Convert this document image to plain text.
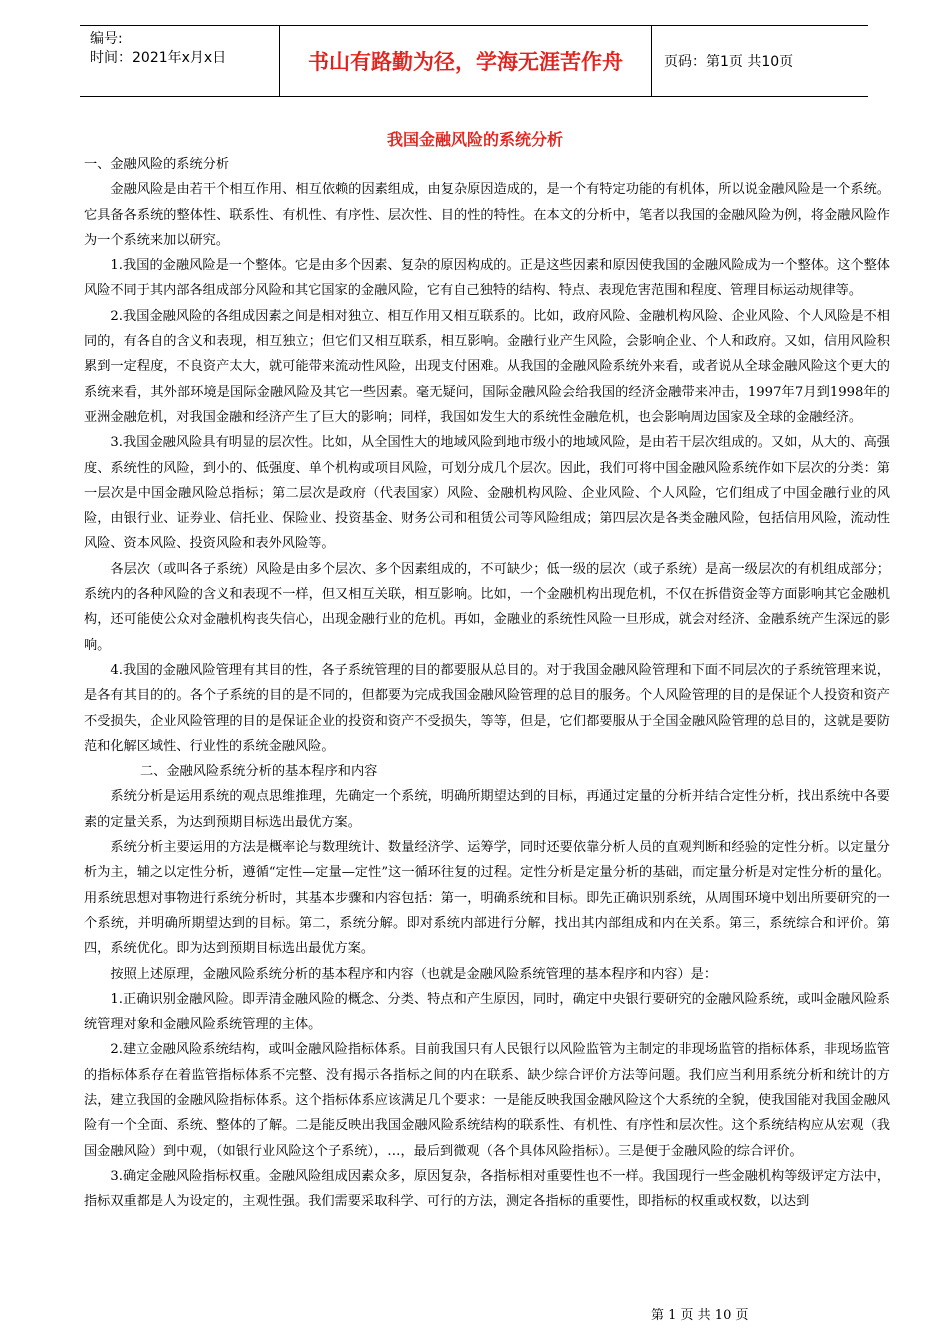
编号:
时间：2021年x月x日	书山有路勤为径，学海无涯苦作舟	页码：第1页 共10页
我国金融风险的系统分析

一、金融风险的系统分析

金融风险是由若干个相互作用、相互依赖的因素组成，由复杂原因造成的，是一个有特定功能的有机体，所以说金融风险是一个系统。它具备各系统的整体性、联系性、有机性、有序性、层次性、目的性的特性。在本文的分析中，笔者以我国的金融风险为例，将金融风险作为一个系统来加以研究。

1.我国的金融风险是一个整体。它是由多个因素、复杂的原因构成的。正是这些因素和原因使我国的金融风险成为一个整体。这个整体风险不同于其内部各组成部分风险和其它国家的金融风险，它有自己独特的结构、特点、表现危害范围和程度、管理目标运动规律等。

2.我国金融风险的各组成因素之间是相对独立、相互作用又相互联系的。比如，政府风险、金融机构风险、企业风险、个人风险是不相同的，有各自的含义和表现，相互独立；但它们又相互联系，相互影响。金融行业产生风险，会影响企业、个人和政府。又如，信用风险积累到一定程度，不良资产太大，就可能带来流动性风险，出现支付困难。从我国的金融风险系统外来看，或者说从全球金融风险这个更大的系统来看，其外部环境是国际金融风险及其它一些因素。毫无疑问，国际金融风险会给我国的经济金融带来冲击，1997年7月到1998年的亚洲金融危机，对我国金融和经济产生了巨大的影响；同样，我国如发生大的系统性金融危机，也会影响周边国家及全球的金融经济。

3.我国金融风险具有明显的层次性。比如，从全国性大的地域风险到地市级小的地域风险，是由若干层次组成的。又如，从大的、高强度、系统性的风险，到小的、低强度、单个机构或项目风险，可划分成几个层次。因此，我们可将中国金融风险系统作如下层次的分类：第一层次是中国金融风险总指标；第二层次是政府（代表国家）风险、金融机构风险、企业风险、个人风险，它们组成了中国金融行业的风险，由银行业、证券业、信托业、保险业、投资基金、财务公司和租赁公司等风险组成；第四层次是各类金融风险，包括信用风险，流动性风险、资本风险、投资风险和表外风险等。

各层次（或叫各子系统）风险是由多个层次、多个因素组成的，不可缺少；低一级的层次（或子系统）是高一级层次的有机组成部分；系统内的各种风险的含义和表现不一样，但又相互关联，相互影响。比如，一个金融机构出现危机，不仅在拆借资金等方面影响其它金融机构，还可能使公众对金融机构丧失信心，出现金融行业的危机。再如，金融业的系统性风险一旦形成，就会对经济、金融系统产生深远的影响。

4.我国的金融风险管理有其目的性，各子系统管理的目的都要服从总目的。对于我国金融风险管理和下面不同层次的子系统管理来说，是各有其目的的。各个子系统的目的是不同的，但都要为完成我国金融风险管理的总目的服务。个人风险管理的目的是保证个人投资和资产不受损失，企业风险管理的目的是保证企业的投资和资产不受损失，等等，但是，它们都要服从于全国金融风险管理的总目的，这就是要防范和化解区域性、行业性的系统金融风险。

二、金融风险系统分析的基本程序和内容

系统分析是运用系统的观点思维推理，先确定一个系统，明确所期望达到的目标，再通过定量的分析并结合定性分析，找出系统中各要素的定量关系，为达到预期目标选出最优方案。

系统分析主要运用的方法是概率论与数理统计、数量经济学、运筹学，同时还要依靠分析人员的直观判断和经验的定性分析。以定量分析为主，辅之以定性分析，遵循“定性—定量—定性”这一循环往复的过程。定性分析是定量分析的基础，而定量分析是对定性分析的量化。用系统思想对事物进行系统分析时，其基本步骤和内容包括：第一，明确系统和目标。即先正确识别系统，从周围环境中划出所要研究的一个系统，并明确所期望达到的目标。第二，系统分解。即对系统内部进行分解，找出其内部组成和内在关系。第三，系统综合和评价。第四，系统优化。即为达到预期目标选出最优方案。

按照上述原理，金融风险系统分析的基本程序和内容（也就是金融风险系统管理的基本程序和内容）是：

1.正确识别金融风险。即弄清金融风险的概念、分类、特点和产生原因，同时，确定中央银行要研究的金融风险系统，或叫金融风险系统管理对象和金融风险系统管理的主体。

2.建立金融风险系统结构，或叫金融风险指标体系。目前我国只有人民银行以风险监管为主制定的非现场监管的指标体系，非现场监管的指标体系存在着监管指标体系不完整、没有揭示各指标之间的内在联系、缺少综合评价方法等问题。我们应当利用系统分析和统计的方法，建立我国的金融风险指标体系。这个指标体系应该满足几个要求：一是能反映我国金融风险这个大系统的全貌，使我国能对我国金融风险有一个全面、系统、整体的了解。二是能反映出我国金融风险系统结构的联系性、有机性、有序性和层次性。这个系统结构应从宏观（我国金融风险）到中观，（如银行业风险这个子系统），…，最后到微观（各个具体风险指标）。三是便于金融风险的综合评价。

3.确定金融风险指标权重。金融风险组成因素众多，原因复杂，各指标相对重要性也不一样。我国现行一些金融机构等级评定方法中，指标双重都是人为设定的，主观性强。我们需要采取科学、可行的方法，测定各指标的重要性，即指标的权重或权数，以达到

第 1 页 共 10 页
